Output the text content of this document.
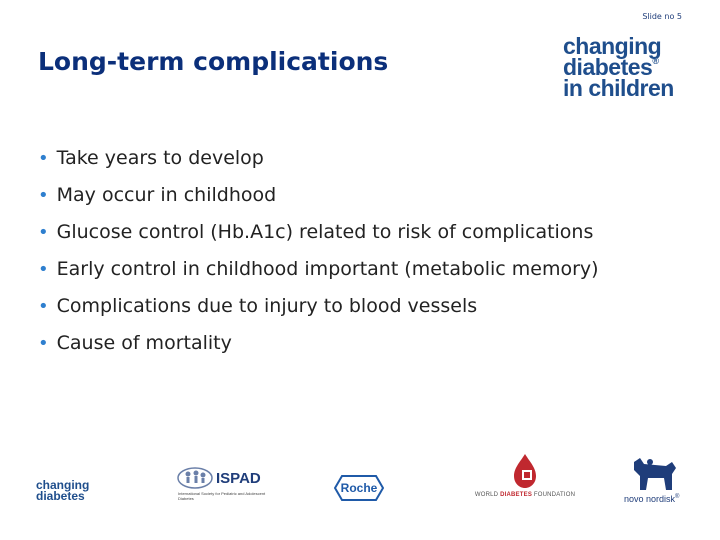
Slide no 5
Long-term complications
changing
diabetes®
in children
• Take years to develop
• May occur in childhood
• Glucose control (Hb.A1c) related to risk of complications
• Early control in childhood important (metabolic memory)
• Complications due to injury to blood vessels
• Cause of mortality
changing
diabetes
ISPAD
International Society for Pediatric and Adolescent Diabetes
Roche	WORLD DIABETES FOUNDATION	novo nordisk®
